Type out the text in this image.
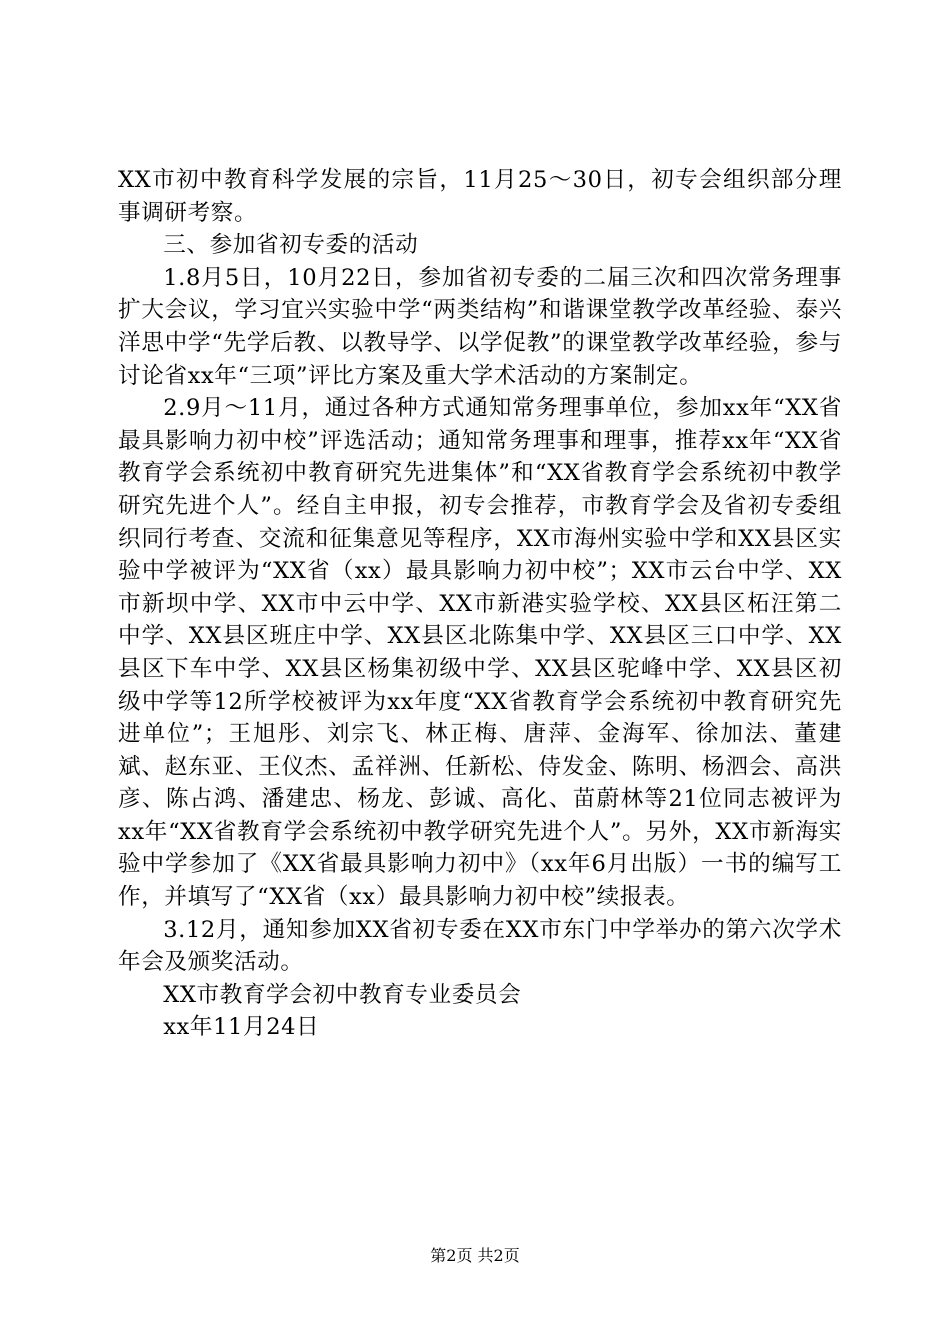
XX市初中教育科学发展的宗旨，11月25～30日，初专会组织部分理事调研考察。

三、参加省初专委的活动

1.8月5日，10月22日，参加省初专委的二届三次和四次常务理事扩大会议，学习宜兴实验中学“两类结构”和谐课堂教学改革经验、泰兴洋思中学“先学后教、以教导学、以学促教”的课堂教学改革经验，参与讨论省xx年“三项”评比方案及重大学术活动的方案制定。

2.9月～11月，通过各种方式通知常务理事单位，参加xx年“XX省最具影响力初中校”评选活动；通知常务理事和理事，推荐xx年“XX省教育学会系统初中教育研究先进集体”和“XX省教育学会系统初中教学研究先进个人”。经自主申报，初专会推荐，市教育学会及省初专委组织同行考查、交流和征集意见等程序，XX市海州实验中学和XX县区实验中学被评为“XX省（xx）最具影响力初中校”；XX市云台中学、XX市新坝中学、XX市中云中学、XX市新港实验学校、XX县区柘汪第二中学、XX县区班庄中学、XX县区北陈集中学、XX县区三口中学、XX县区下车中学、XX县区杨集初级中学、XX县区驼峰中学、XX县区初级中学等12所学校被评为xx年度“XX省教育学会系统初中教育研究先进单位”；王旭彤、刘宗飞、林正梅、唐萍、金海军、徐加法、董建斌、赵东亚、王仪杰、孟祥洲、任新松、侍发金、陈明、杨泗会、高洪彦、陈占鸿、潘建忠、杨龙、彭诚、高化、苗蔚林等21位同志被评为xx年“XX省教育学会系统初中教学研究先进个人”。另外，XX市新海实验中学参加了《XX省最具影响力初中》（xx年6月出版）一书的编写工作，并填写了“XX省（xx）最具影响力初中校”续报表。

3.12月，通知参加XX省初专委在XX市东门中学举办的第六次学术年会及颁奖活动。

XX市教育学会初中教育专业委员会

xx年11月24日

第2页 共2页
